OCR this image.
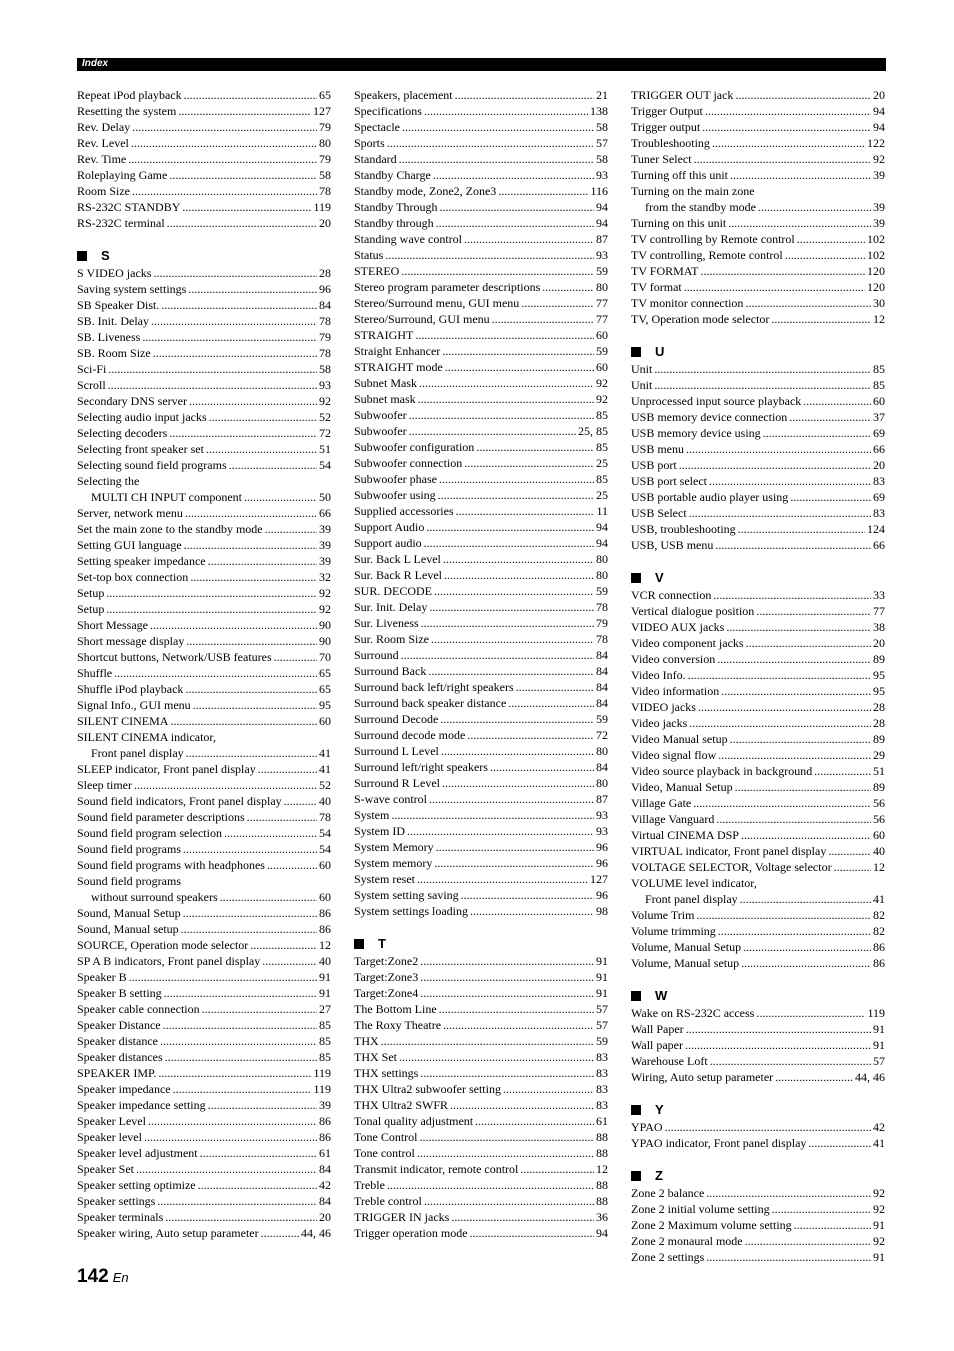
Index
Repeat iPod playback .....	65
Resetting the system .....	127
Rev. Delay .....	79
Rev. Level .....	80
Rev. Time .....	79
Roleplaying Game .....	58
Room Size .....	78
RS-232C STANDBY .....	119
RS-232C terminal .....	20
S
S VIDEO jacks .....	28
Saving system settings .....	96
SB Speaker Dist. .....	84
SB. Init. Delay .....	78
SB. Liveness .....	79
SB. Room Size .....	78
Sci-Fi .....	58
Scroll .....	93
Secondary DNS server .....	92
Selecting audio input jacks .....	52
Selecting decoders .....	72
Selecting front speaker set .....	51
Selecting sound field programs .....	54
Selecting the
MULTI CH INPUT component .....	50
Server, network menu .....	66
Set the main zone to the standby mode .....	39
Setting GUI language .....	39
Setting speaker impedance .....	39
Set-top box connection .....	32
Setup .....	92
Setup .....	92
Short Message .....	90
Short message display .....	90
Shortcut buttons, Network/USB features .....	70
Shuffle .....	65
Shuffle iPod playback .....	65
Signal Info., GUI menu .....	95
SILENT CINEMA .....	60
SILENT CINEMA indicator,
Front panel display .....	41
SLEEP indicator, Front panel display .....	41
Sleep timer .....	52
Sound field indicators, Front panel display .....	40
Sound field parameter descriptions .....	78
Sound field program selection .....	54
Sound field programs .....	54
Sound field programs with headphones .....	60
Sound field programs
without surround speakers .....	60
Sound, Manual Setup .....	86
Sound, Manual setup .....	86
SOURCE, Operation mode selector .....	12
SP A B indicators, Front panel display .....	40
Speaker B .....	91
Speaker B setting .....	91
Speaker cable connection .....	27
Speaker Distance .....	85
Speaker distance .....	85
Speaker distances .....	85
SPEAKER IMP. .....	119
Speaker impedance .....	119
Speaker impedance setting .....	39
Speaker Level .....	86
Speaker level .....	86
Speaker level adjustment .....	61
Speaker Set .....	84
Speaker setting optimize .....	42
Speaker settings .....	84
Speaker terminals .....	20
Speaker wiring, Auto setup parameter .....	44, 46
Speakers, placement .....	21
Specifications .....	138
Spectacle .....	58
Sports .....	57
Standard .....	58
Standby Charge .....	93
Standby mode, Zone2, Zone3 .....	116
Standby Through .....	94
Standby through .....	94
Standing wave control .....	87
Status .....	93
STEREO .....	59
Stereo program parameter descriptions .....	80
Stereo/Surround menu, GUI menu .....	77
Stereo/Surround, GUI menu .....	77
STRAIGHT .....	60
Straight Enhancer .....	59
STRAIGHT mode .....	60
Subnet Mask .....	92
Subnet mask .....	92
Subwoofer .....	85
Subwoofer .....	25, 85
Subwoofer configuration .....	85
Subwoofer connection .....	25
Subwoofer phase .....	85
Subwoofer using .....	25
Supplied accessories .....	11
Support Audio .....	94
Support audio .....	94
Sur. Back L Level .....	80
Sur. Back R Level .....	80
SUR. DECODE .....	59
Sur. Init. Delay .....	78
Sur. Liveness .....	79
Sur. Room Size .....	78
Surround .....	84
Surround Back .....	84
Surround back left/right speakers .....	84
Surround back speaker distance .....	84
Surround Decode .....	59
Surround decode mode .....	72
Surround L Level .....	80
Surround left/right speakers .....	84
Surround R Level .....	80
S-wave control .....	87
System .....	93
System ID .....	93
System Memory .....	96
System memory .....	96
System reset .....	127
System setting saving .....	96
System settings loading .....	98
T
Target:Zone2 .....	91
Target:Zone3 .....	91
Target:Zone4 .....	91
The Bottom Line .....	57
The Roxy Theatre .....	57
THX .....	59
THX Set .....	83
THX settings .....	83
THX Ultra2 subwoofer setting .....	83
THX Ultra2 SWFR .....	83
Tonal quality adjustment .....	61
Tone Control .....	88
Tone control .....	88
Transmit indicator, remote control .....	12
Treble .....	88
Treble control .....	88
TRIGGER IN jacks .....	36
Trigger operation mode .....	94
TRIGGER OUT jack .....	20
Trigger Output .....	94
Trigger output .....	94
Troubleshooting .....	122
Tuner Select .....	92
Turning off this unit .....	39
Turning on the main zone
from the standby mode .....	39
Turning on this unit .....	39
TV controlling by Remote control .....	102
TV controlling, Remote control .....	102
TV FORMAT .....	120
TV format .....	120
TV monitor connection .....	30
TV, Operation mode selector .....	12
U
Unit .....	85
Unit .....	85
Unprocessed input source playback .....	60
USB memory device connection .....	37
USB memory device using .....	69
USB menu .....	66
USB port .....	20
USB port select .....	83
USB portable audio player using .....	69
USB Select .....	83
USB, troubleshooting .....	124
USB, USB menu .....	66
V
VCR connection .....	33
Vertical dialogue position .....	77
VIDEO AUX jacks .....	38
Video component jacks .....	20
Video conversion .....	89
Video Info. .....	95
Video information .....	95
VIDEO jacks .....	28
Video jacks .....	28
Video Manual setup .....	89
Video signal flow .....	29
Video source playback in background .....	51
Video, Manual Setup .....	89
Village Gate .....	56
Village Vanguard .....	56
Virtual CINEMA DSP .....	60
VIRTUAL indicator, Front panel display .....	40
VOLTAGE SELECTOR, Voltage selector .....	12
VOLUME level indicator,
Front panel display .....	41
Volume Trim .....	82
Volume trimming .....	82
Volume, Manual Setup .....	86
Volume, Manual setup .....	86
W
Wake on RS-232C access .....	119
Wall Paper .....	91
Wall paper .....	91
Warehouse Loft .....	57
Wiring, Auto setup parameter .....	44, 46
Y
YPAO .....	42
YPAO indicator, Front panel display .....	41
Z
Zone 2 balance .....	92
Zone 2 initial volume setting .....	92
Zone 2 Maximum volume setting .....	91
Zone 2 monaural mode .....	92
Zone 2 settings .....	91
142 En
